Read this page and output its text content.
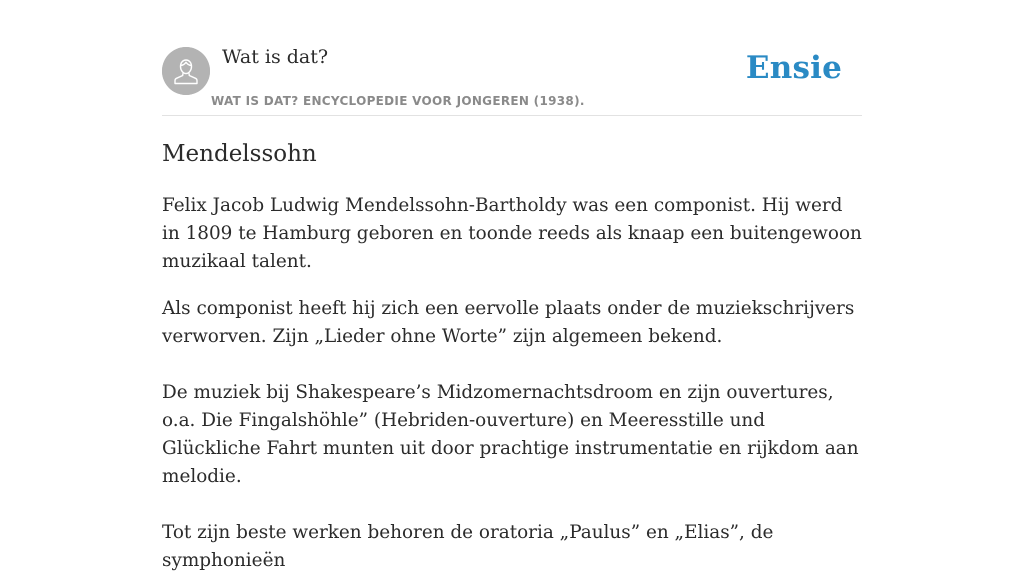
Wat is dat?
WAT IS DAT? ENCYCLOPEDIE VOOR JONGEREN (1938).
Ensie
Mendelssohn

Felix Jacob Ludwig Mendelssohn-Bartholdy was een componist. Hij werd in 1809 te Hamburg geboren en toonde reeds als knaap een buitengewoon muzikaal talent.

Als componist heeft hij zich een eervolle plaats onder de muziekschrijvers verworven. Zijn „Lieder ohne Worte” zijn algemeen bekend.

De muziek bij Shakespeare’s Midzomernachtsdroom en zijn ouvertures, o.a. Die Fingalshöhle” (Hebriden-ouverture) en Meeresstille und Glückliche Fahrt munten uit door prachtige instrumentatie en rijkdom aan melodie.

Tot zijn beste werken behoren de oratoria „Paulus” en „Elias”, de symphonieën
